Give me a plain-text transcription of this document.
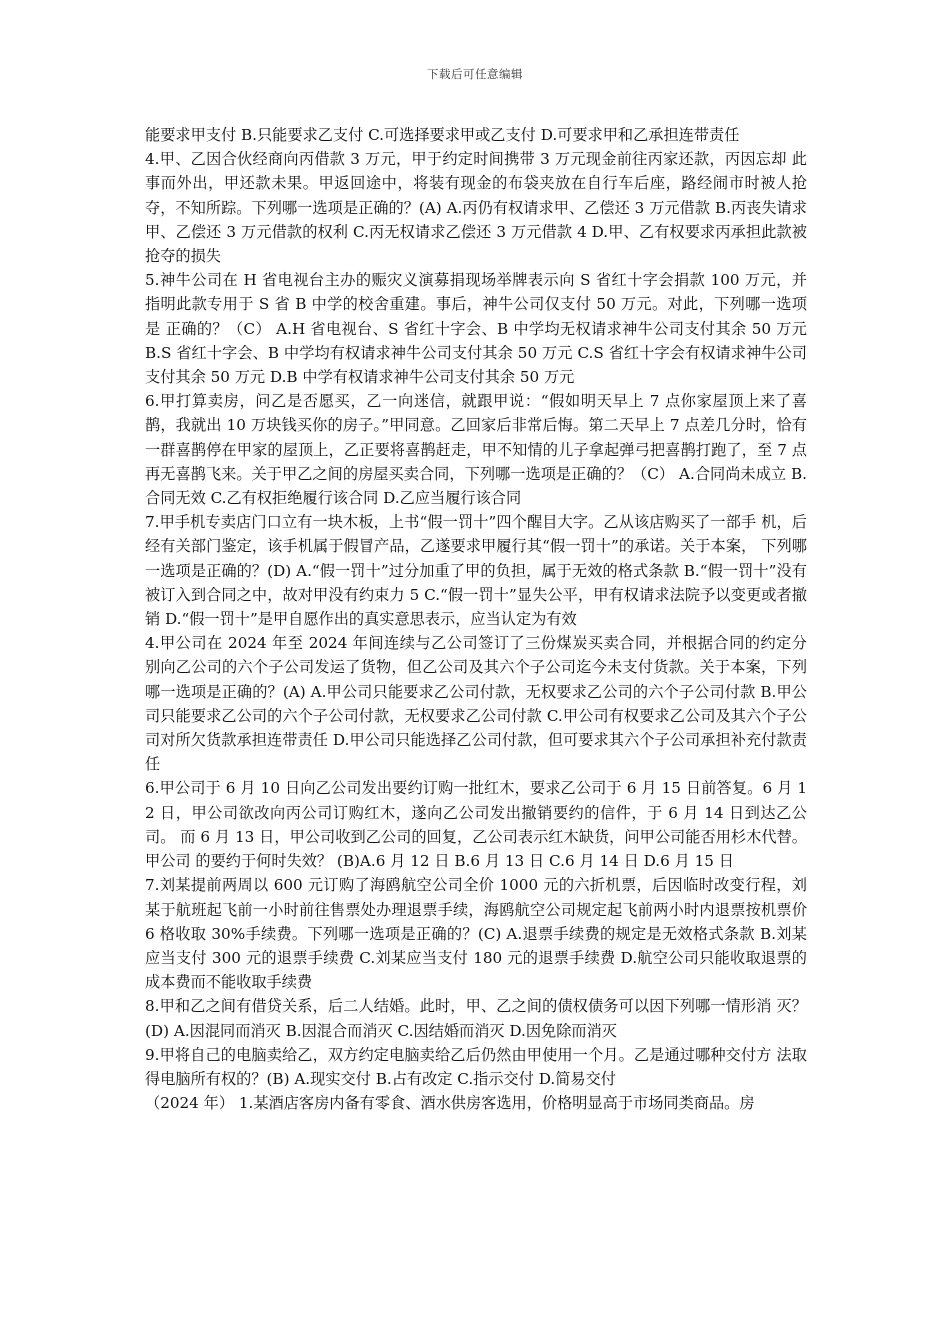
下载后可任意编辑

能要求甲支付 B.只能要求乙支付 C.可选择要求甲或乙支付 D.可要求甲和乙承担连带责任

4.甲、乙因合伙经商向丙借款 3 万元，甲于约定时间携带 3 万元现金前往丙家还款，丙因忘却 此事而外出，甲还款未果。甲返回途中，将装有现金的布袋夹放在自行车后座，路经闹市时被人抢 夺，不知所踪。下列哪一选项是正确的？(A) A.丙仍有权请求甲、乙偿还 3 万元借款 B.丙丧失请求甲、乙偿还 3 万元借款的权利 C.丙无权请求乙偿还 3 万元借款 4 D.甲、乙有权要求丙承担此款被抢夺的损失

5.神牛公司在 H 省电视台主办的赈灾义演募捐现场举牌表示向 S 省红十字会捐款 100 万元，并 指明此款专用于 S 省 B 中学的校舍重建。事后，神牛公司仅支付 50 万元。对此，下列哪一选项是 正确的？（C） A.H 省电视台、S 省红十字会、B 中学均无权请求神牛公司支付其余 50 万元 B.S 省红十字会、B 中学均有权请求神牛公司支付其余 50 万元 C.S 省红十字会有权请求神牛公司支付其余 50 万元 D.B 中学有权请求神牛公司支付其余 50 万元

6.甲打算卖房，问乙是否愿买，乙一向迷信，就跟甲说：“假如明天早上 7 点你家屋顶上来了喜 鹊，我就出 10 万块钱买你的房子。”甲同意。乙回家后非常后悔。第二天早上 7 点差几分时，恰有 一群喜鹊停在甲家的屋顶上，乙正要将喜鹊赶走，甲不知情的儿子拿起弹弓把喜鹊打跑了，至 7 点 再无喜鹊飞来。关于甲乙之间的房屋买卖合同，下列哪一选项是正确的？（C） A.合同尚未成立 B.合同无效 C.乙有权拒绝履行该合同 D.乙应当履行该合同

7.甲手机专卖店门口立有一块木板，上书“假一罚十”四个醒目大字。乙从该店购买了一部手 机，后经有关部门鉴定，该手机属于假冒产品，乙遂要求甲履行其“假一罚十”的承诺。关于本案， 下列哪一选项是正确的？(D) A.“假一罚十”过分加重了甲的负担，属于无效的格式条款 B.“假一罚十”没有被订入到合同之中，故对甲没有约束力 5 C.“假一罚十”显失公平，甲有权请求法院予以变更或者撤销 D.“假一罚十”是甲自愿作出的真实意思表示，应当认定为有效

4.甲公司在 2024 年至 2024 年间连续与乙公司签订了三份煤炭买卖合同，并根据合同的约定分 别向乙公司的六个子公司发运了货物，但乙公司及其六个子公司迄今未支付货款。关于本案，下列 哪一选项是正确的？(A) A.甲公司只能要求乙公司付款，无权要求乙公司的六个子公司付款 B.甲公司只能要求乙公司的六个子公司付款，无权要求乙公司付款 C.甲公司有权要求乙公司及其六个子公司对所欠货款承担连带责任 D.甲公司只能选择乙公司付款，但可要求其六个子公司承担补充付款责任

6.甲公司于 6 月 10 日向乙公司发出要约订购一批红木，要求乙公司于 6 月 15 日前答复。6 月 12 日，甲公司欲改向丙公司订购红木，遂向乙公司发出撤销要约的信件，于 6 月 14 日到达乙公司。 而 6 月 13 日，甲公司收到乙公司的回复，乙公司表示红木缺货，问甲公司能否用杉木代替。甲公司 的要约于何时失效？ (B)A.6 月 12 日 B.6 月 13 日 C.6 月 14 日 D.6 月 15 日

7.刘某提前两周以 600 元订购了海鸥航空公司全价 1000 元的六折机票，后因临时改变行程，刘 某于航班起飞前一小时前往售票处办理退票手续，海鸥航空公司规定起飞前两小时内退票按机票价 6 格收取 30%手续费。下列哪一选项是正确的？(C) A.退票手续费的规定是无效格式条款 B.刘某应当支付 300 元的退票手续费 C.刘某应当支付 180 元的退票手续费 D.航空公司只能收取退票的成本费而不能收取手续费

8.甲和乙之间有借贷关系，后二人结婚。此时，甲、乙之间的债权债务可以因下列哪一情形消 灭？(D) A.因混同而消灭 B.因混合而消灭 C.因结婚而消灭 D.因免除而消灭

9.甲将自己的电脑卖给乙，双方约定电脑卖给乙后仍然由甲使用一个月。乙是通过哪种交付方 法取得电脑所有权的？(B) A.现实交付 B.占有改定 C.指示交付 D.简易交付

（2024 年） 1.某酒店客房内备有零食、酒水供房客选用，价格明显高于市场同类商品。房
